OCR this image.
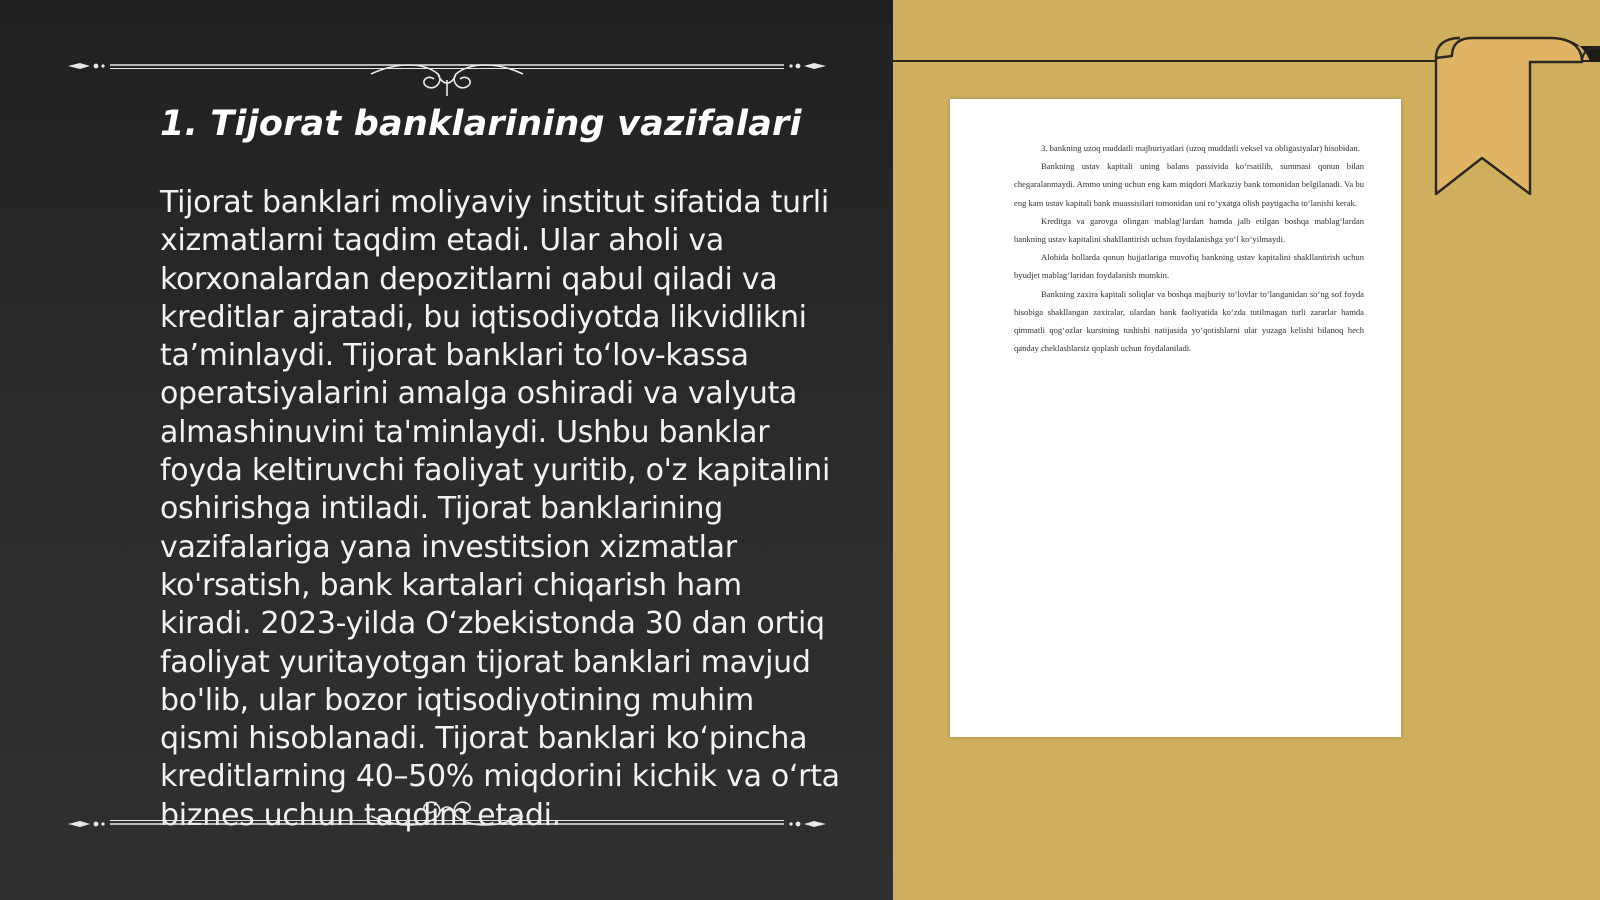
1. Tijorat banklarining vazifalari

Tijorat banklari moliyaviy institut sifatida turli xizmatlarni taqdim etadi. Ular aholi va korxonalardan depozitlarni qabul qiladi va kreditlar ajratadi, bu iqtisodiyotda likvidlikni ta’minlaydi. Tijorat banklari to‘lov-kassa operatsiyalarini amalga oshiradi va valyuta almashinuvini ta'minlaydi. Ushbu banklar foyda keltiruvchi faoliyat yuritib, o'z kapitalini oshirishga intiladi. Tijorat banklarining vazifalariga yana investitsion xizmatlar ko'rsatish, bank kartalari chiqarish ham kiradi. 2023-yilda O‘zbekistonda 30 dan ortiq faoliyat yuritayotgan tijorat banklari mavjud bo'lib, ular bozor iqtisodiyotining muhim qismi hisoblanadi. Tijorat banklari ko‘pincha kreditlarning 40–50% miqdorini kichik va o‘rta biznes uchun taqdim etadi.

3. bankning uzoq muddatli majburiyatlari (uzoq muddatli veksel va obligasiyalar) hisobidan.

Bankning ustav kapitali uning balans passivida ko‘rsatilib, summasi qonun bilan chegaralanmaydi. Ammo uning uchun eng kam miqdori Markaziy bank tomonidan belgilanadi. Va bu eng kam ustav kapitali bank muassisilari tomonidan uni ro‘yxatga olish paytigacha to‘lanishi kerak.

Kreditga va garovga olingan mablag‘lardan hamda jalb etilgan boshqa mablag‘lardan bankning ustav kapitalini shakllantirish uchun foydalanishga yo‘l ko‘yilmaydi.

Alohida hollarda qonun hujjatlariga muvofiq bankning ustav kapitalini shakllantirish uchun byudjet mablag‘laridan foydalanish mumkin.

Bankning zaxira kapitali soliqlar va boshqa majburiy to‘lovlar to‘langanidan so‘ng sof foyda hisobiga shakllangan zaxiralar, ulardan bank faoliyatida ko‘zda tutilmagan turli zararlar hamda qimmatli qog‘ozlar kursining tushishi natijasida yo‘qotishlarni ular yuzaga kelishi bilanoq hech qanday cheklashlarsiz qoplash uchun foydalaniladi.
